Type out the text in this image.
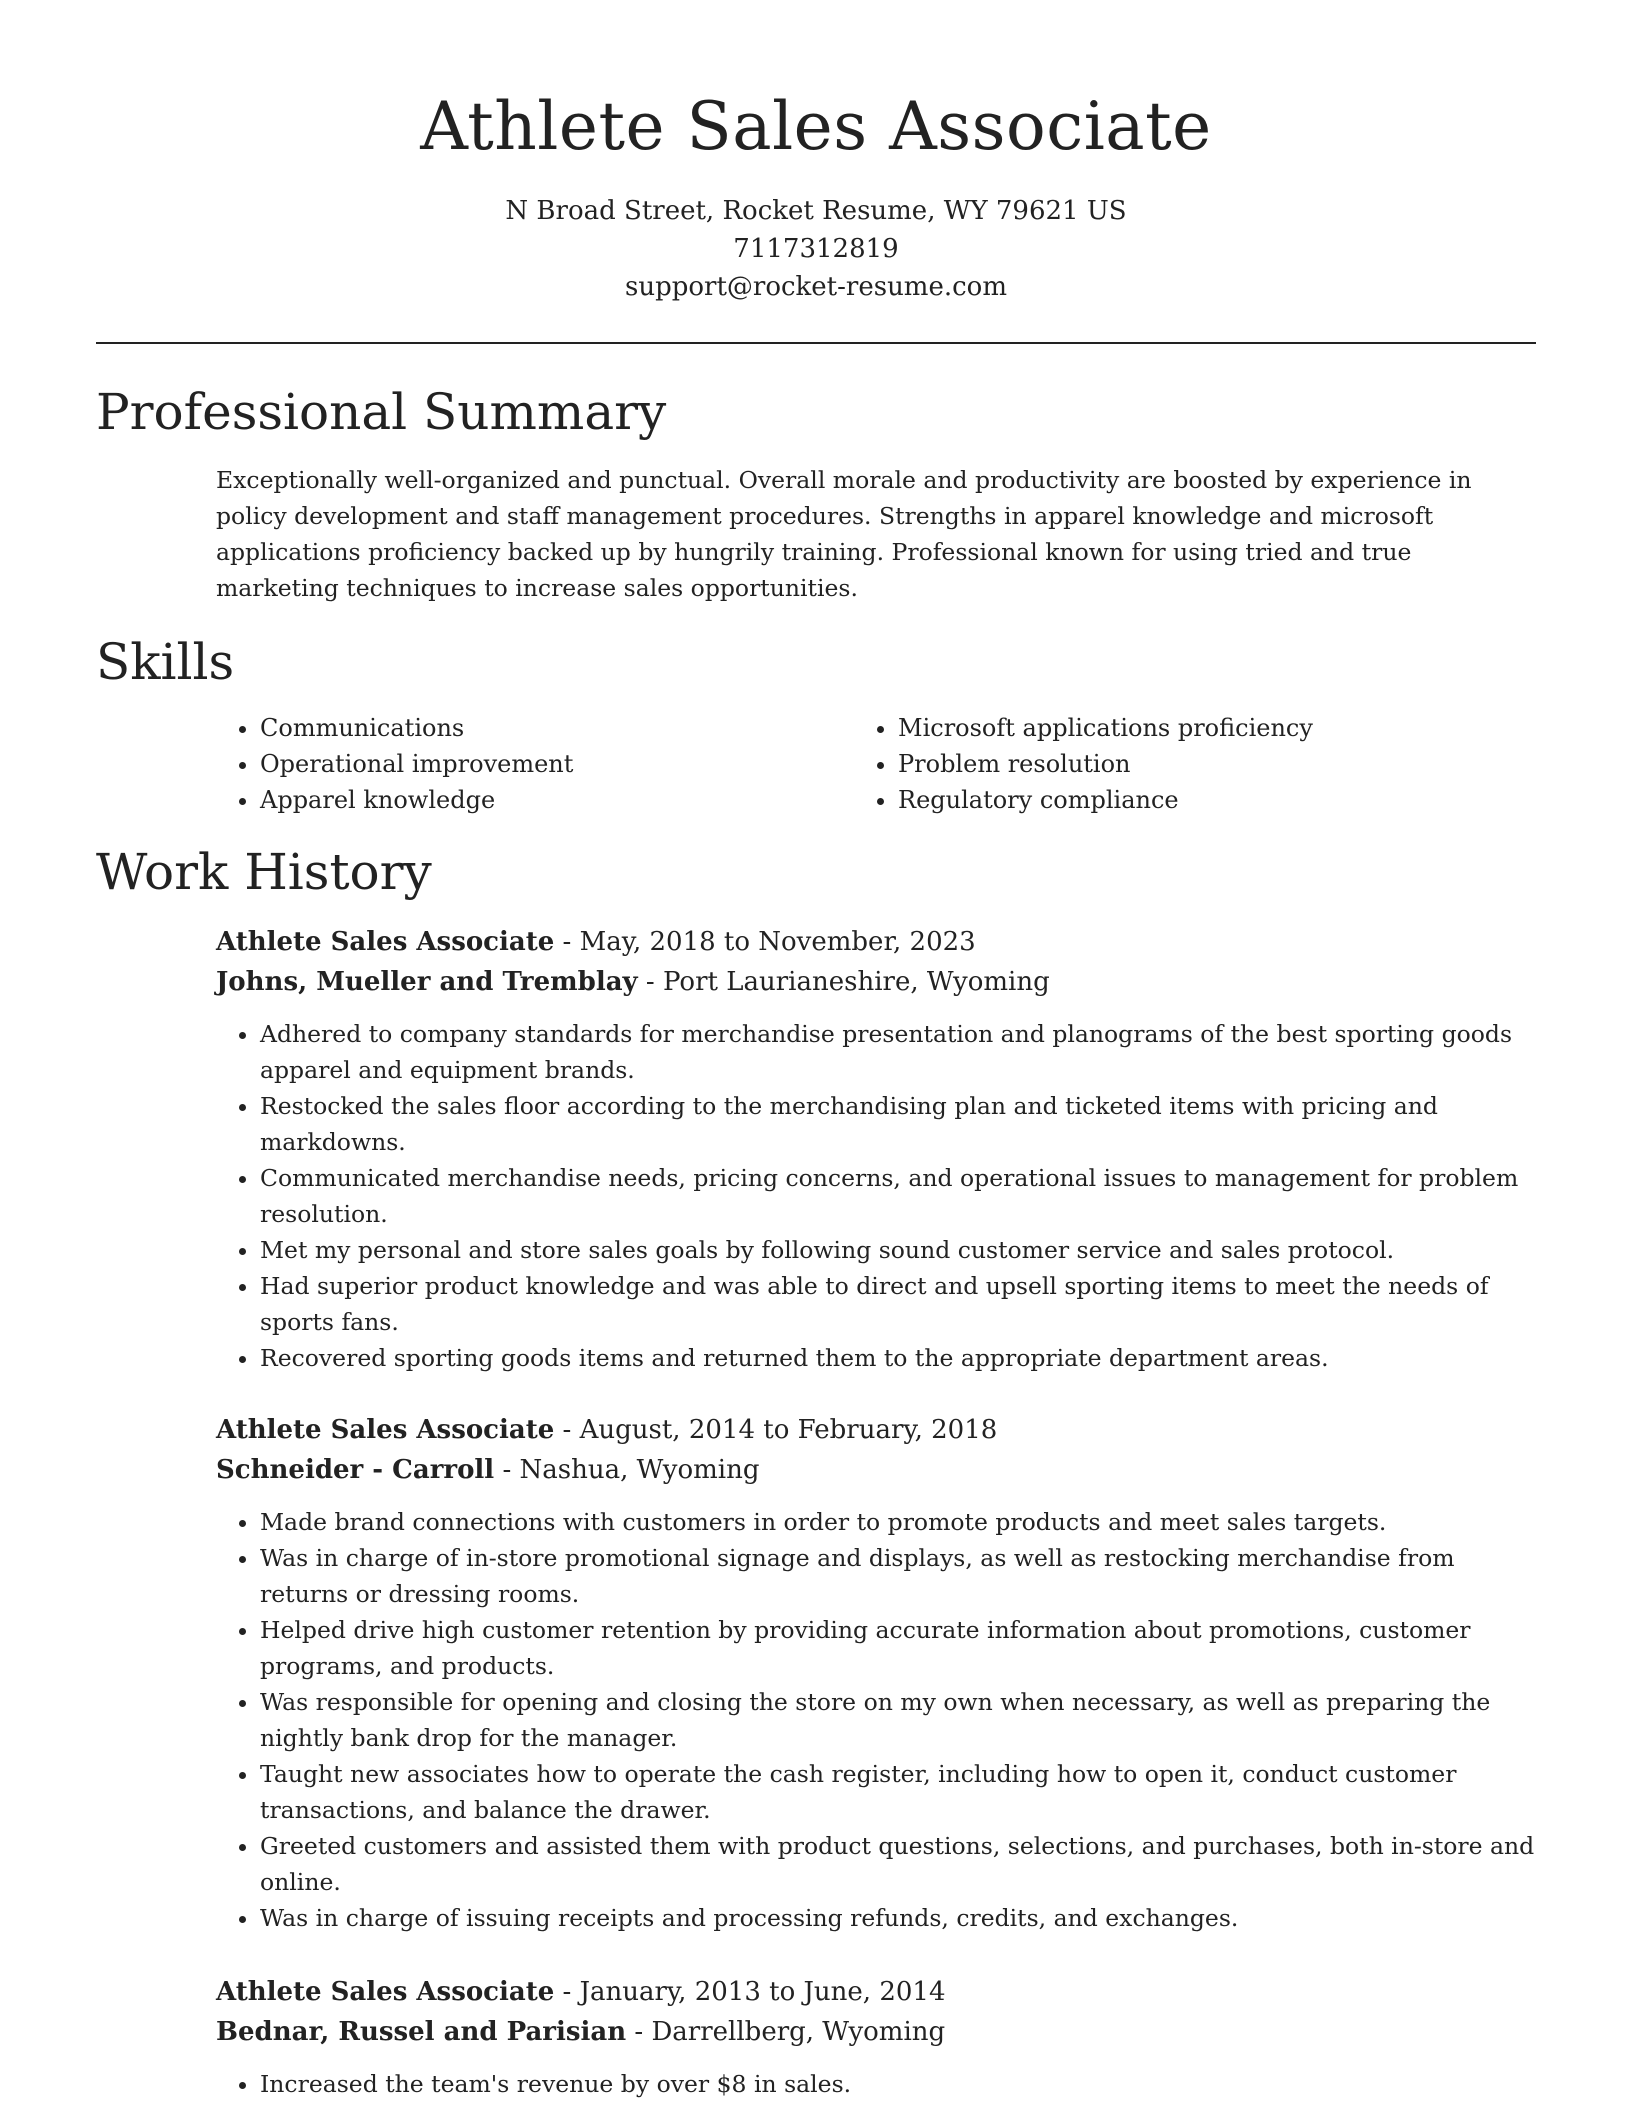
Athlete Sales Associate
N Broad Street, Rocket Resume, WY 79621 US
7117312819
support@rocket-resume.com
Professional Summary

Exceptionally well-organized and punctual. Overall morale and productivity are boosted by experience in policy development and staff management procedures. Strengths in apparel knowledge and microsoft applications proficiency backed up by hungrily training. Professional known for using tried and true marketing techniques to increase sales opportunities.

Skills
• Communications
• Operational improvement
• Apparel knowledge
• Microsoft applications proficiency
• Problem resolution
• Regulatory compliance
Work History
Athlete Sales Associate - May, 2018 to November, 2023
Johns, Mueller and Tremblay - Port Laurianeshire, Wyoming
• Adhered to company standards for merchandise presentation and planograms of the best sporting goods apparel and equipment brands.
• Restocked the sales floor according to the merchandising plan and ticketed items with pricing and markdowns.
• Communicated merchandise needs, pricing concerns, and operational issues to management for problem resolution.
• Met my personal and store sales goals by following sound customer service and sales protocol.
• Had superior product knowledge and was able to direct and upsell sporting items to meet the needs of sports fans.
• Recovered sporting goods items and returned them to the appropriate department areas.
Athlete Sales Associate - August, 2014 to February, 2018
Schneider - Carroll - Nashua, Wyoming
• Made brand connections with customers in order to promote products and meet sales targets.
• Was in charge of in-store promotional signage and displays, as well as restocking merchandise from returns or dressing rooms.
• Helped drive high customer retention by providing accurate information about promotions, customer programs, and products.
• Was responsible for opening and closing the store on my own when necessary, as well as preparing the nightly bank drop for the manager.
• Taught new associates how to operate the cash register, including how to open it, conduct customer transactions, and balance the drawer.
• Greeted customers and assisted them with product questions, selections, and purchases, both in-store and online.
• Was in charge of issuing receipts and processing refunds, credits, and exchanges.
Athlete Sales Associate - January, 2013 to June, 2014
Bednar, Russel and Parisian - Darrellberg, Wyoming
• Increased the team's revenue by over $8 in sales.
